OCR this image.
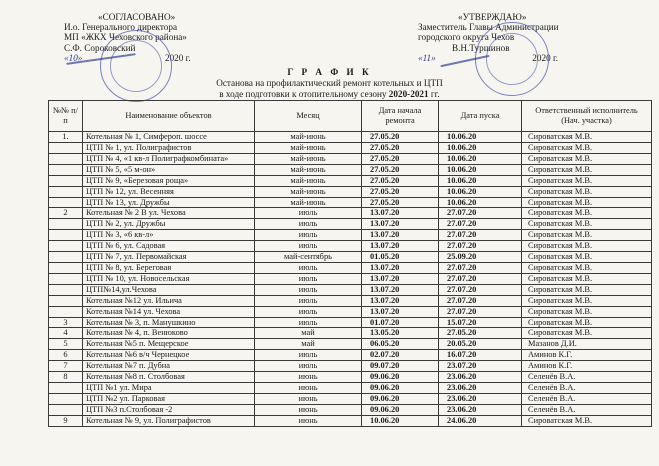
«СОГЛАСОВАНО»
И.о. Генерального директора
МП «ЖКХ Чеховского района»
С.Ф. Сороковский
«10»	2020 г.
«УТВЕРЖДАЮ»
Заместитель Главы Администрации
городского округа Чехов
В.Н.Туршинов
«11»	2020 г.
Г Р А Ф И К
Останова на профилактический ремонт котельных и ЦТП
в ходе подготовки к отопительному сезону 2020-2021 гг.
№№ п/п	Наименование объектов	Месяц	Дата начала ремонта	Дата пуска	Ответственный исполнитель (Нач. участка)
1.	Котельная № 1, Симфероп. шоссе	май-июнь	27.05.20	10.06.20	Сироватская М.В.
	ЦТП № 1, ул. Полиграфистов	май-июнь	27.05.20	10.06.20	Сироватская М.В.
	ЦТП № 4, «1 кв-л Полиграфкомбината»	май-июнь	27.05.20	10.06.20	Сироватская М.В.
	ЦТП № 5, «5 м-он»	май-июнь	27.05.20	10.06.20	Сироватская М.В.
	ЦТП № 9, «Березовая роща»	май-июнь	27.05.20	10.06.20	Сироватская М.В.
	ЦТП № 12, ул. Весенняя	май-июнь	27.05.20	10.06.20	Сироватская М.В.
	ЦТП № 13, ул. Дружбы	май-июнь	27.05.20	10.06.20	Сироватская М.В.
2	Котельная № 2 В ул. Чехова	июль	13.07.20	27.07.20	Сироватская М.В.
	ЦТП № 2, ул. Дружбы	июль	13.07.20	27.07.20	Сироватская М.В.
	ЦТП № 3, «6 кв-л»	июль	13.07.20	27.07.20	Сироватская М.В.
	ЦТП № 6, ул. Садовая	июль	13.07.20	27.07.20	Сироватская М.В.
	ЦТП № 7, ул. Первомайская	май-сентябрь	01.05.20	25.09.20	Сироватская М.В.
	ЦТП № 8, ул. Береговая	июль	13.07.20	27.07.20	Сироватская М.В.
	ЦТП № 10, ул. Новосельская	июль	13.07.20	27.07.20	Сироватская М.В.
	ЦТП№14,ул.Чехова	июль	13.07.20	27.07.20	Сироватская М.В.
	Котельная №12 ул. Ильича	июль	13.07.20	27.07.20	Сироватская М.В.
	Котельная №14 ул. Чехова	июль	13.07.20	27.07.20	Сироватская М.В.
3	Котельная № 3, п. Манушкино	июль	01.07.20	15.07.20	Сироватская М.В.
4	Котельная № 4, п. Венюково	май	13.05.20	27.05.20	Сироватская М.В.
5	Котельная №5 п. Мещерское	май	06.05.20	20.05.20	Мазанов Д.И.
6	Котельная №6 в/ч Чернецкое	июль	02.07.20	16.07.20	Аминов К.Г.
7	Котельная №7 п. Дубна	июль	09.07.20	23.07.20	Аминов К.Г.
8	Котельная №8 п. Столбовая	июнь	09.06.20	23.06.20	Селенёв В.А.
	ЦТП №1 ул. Мира	июнь	09.06.20	23.06.20	Селенёв В.А.
	ЦТП №2 ул. Парковая	июнь	09.06.20	23.06.20	Селенёв В.А.
	ЦТП №3 п.Столбовая -2	июнь	09.06.20	23.06.20	Селенёв В.А.
9	Котельная № 9, ул. Полиграфистов	июнь	10.06.20	24.06.20	Сироватская М.В.
